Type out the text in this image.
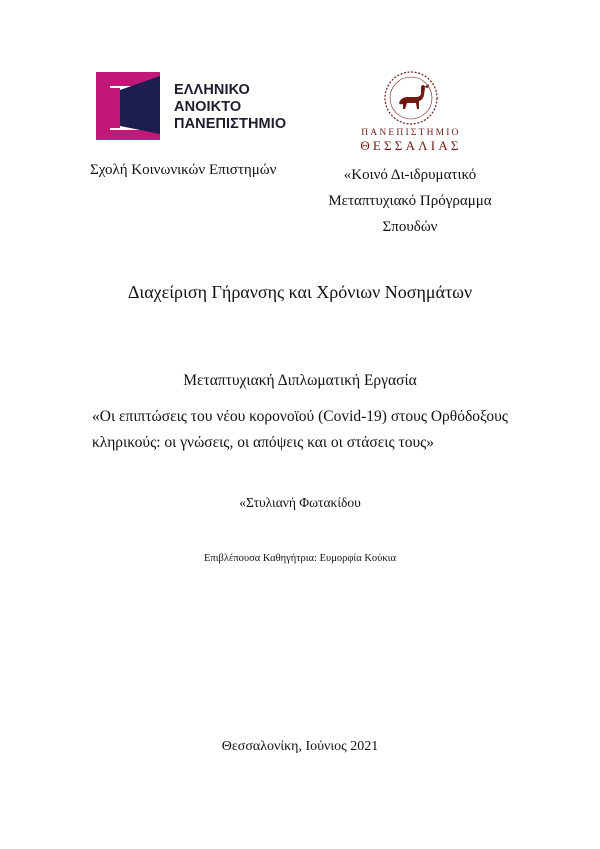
ΕΛΛΗΝΙΚΟ
ΑΝΟΙΚΤΟ
ΠΑΝΕΠΙΣΤΗΜΙΟ
ΠΑΝΕΠΙΣΤΗΜΙΟ
ΘΕΣΣΑΛΙΑΣ
Σχολή Κοινωνικών Επιστημών	«Κοινό Δι-ιδρυματικό
Μεταπτυχιακό Πρόγραμμα
Σπουδών
Διαχείριση Γήρανσης και Χρόνιων Νοσημάτων
Μεταπτυχιακή Διπλωματική Εργασία
«Οι επιπτώσεις του νέου κορονοϊού (Covid-19) στους Ορθόδοξους
κληρικούς: οι γνώσεις, οι απόψεις και οι στάσεις τους»
«Στυλιανή Φωτακίδου
Επιβλέπουσα Καθηγήτρια: Ευμορφία Κούκια
Θεσσαλονίκη, Ιούνιος 2021
